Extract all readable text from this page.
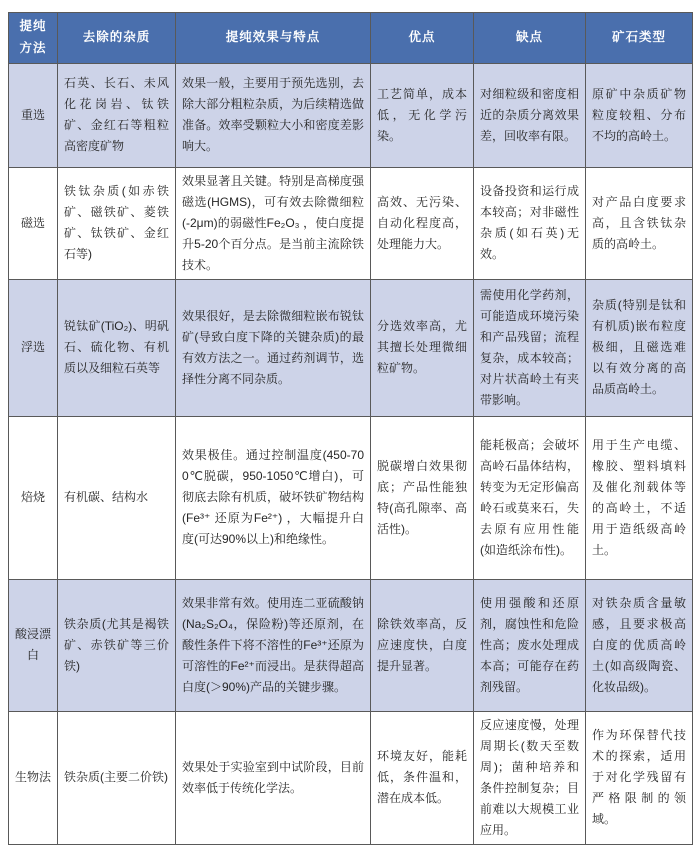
提纯方法	去除的杂质	提纯效果与特点	优点	缺点	矿石类型
重选	石英、长石、未风化花岗岩、钛铁矿、金红石等粗粒高密度矿物	效果一般，主要用于预先选别，去除大部分粗粒杂质，为后续精选做准备。效率受颗粒大小和密度差影响大。	工艺简单，成本低，无化学污染。	对细粒级和密度相近的杂质分离效果差，回收率有限。	原矿中杂质矿物粒度较粗、分布不均的高岭土。
磁选	铁钛杂质(如赤铁矿、磁铁矿、菱铁矿、钛铁矿、金红石等)	效果显著且关键。特别是高梯度强磁选(HGMS)，可有效去除微细粒(-2μm)的弱磁性Fe₂O₃ ，使白度提升5-20个百分点。是当前主流除铁技术。	高效、无污染、自动化程度高，处理能力大。	设备投资和运行成本较高；对非磁性杂质(如石英)无效。	对产品白度要求高，且含铁钛杂质的高岭土。
浮选	锐钛矿(TiO₂)、明矾石、硫化物、有机质以及细粒石英等	效果很好，是去除微细粒嵌布锐钛矿(导致白度下降的关键杂质)的最有效方法之一。通过药剂调节，选择性分离不同杂质。	分选效率高，尤其擅长处理微细粒矿物。	需使用化学药剂，可能造成环境污染和产品残留；流程复杂，成本较高；对片状高岭土有夹带影响。	杂质(特别是钛和有机质)嵌布粒度极细，且磁选难以有效分离的高品质高岭土。
焙烧	有机碳、结构水	效果极佳。通过控制温度(450-700℃脱碳，950-1050℃增白)，可彻底去除有机质，破坏铁矿物结构(Fe³⁺ 还原为Fe²⁺) ，大幅提升白度(可达90%以上)和绝缘性。	脱碳增白效果彻底；产品性能独特(高孔隙率、高活性)。	能耗极高；会破坏高岭石晶体结构，转变为无定形偏高岭石或莫来石，失去原有应用性能(如造纸涂布性)。	用于生产电缆、橡胶、塑料填料及催化剂载体等的高岭土，不适用于造纸级高岭土。
酸浸漂白	铁杂质(尤其是褐铁矿、赤铁矿等三价铁)	效果非常有效。使用连二亚硫酸钠(Na₂S₂O₄，保险粉)等还原剂，在酸性条件下将不溶性的Fe³⁺还原为可溶性的Fe²⁺而浸出。是获得超高白度(＞90%)产品的关键步骤。	除铁效率高，反应速度快，白度提升显著。	使用强酸和还原剂，腐蚀性和危险性高；废水处理成本高；可能存在药剂残留。	对铁杂质含量敏感，且要求极高白度的优质高岭土(如高级陶瓷、化妆品级)。
生物法	铁杂质(主要二价铁)	效果处于实验室到中试阶段，目前效率低于传统化学法。	环境友好，能耗低，条件温和，潜在成本低。	反应速度慢，处理周期长(数天至数周)；菌种培养和条件控制复杂；目前难以大规模工业应用。	作为环保替代技术的探索，适用于对化学残留有严格限制的领域。
